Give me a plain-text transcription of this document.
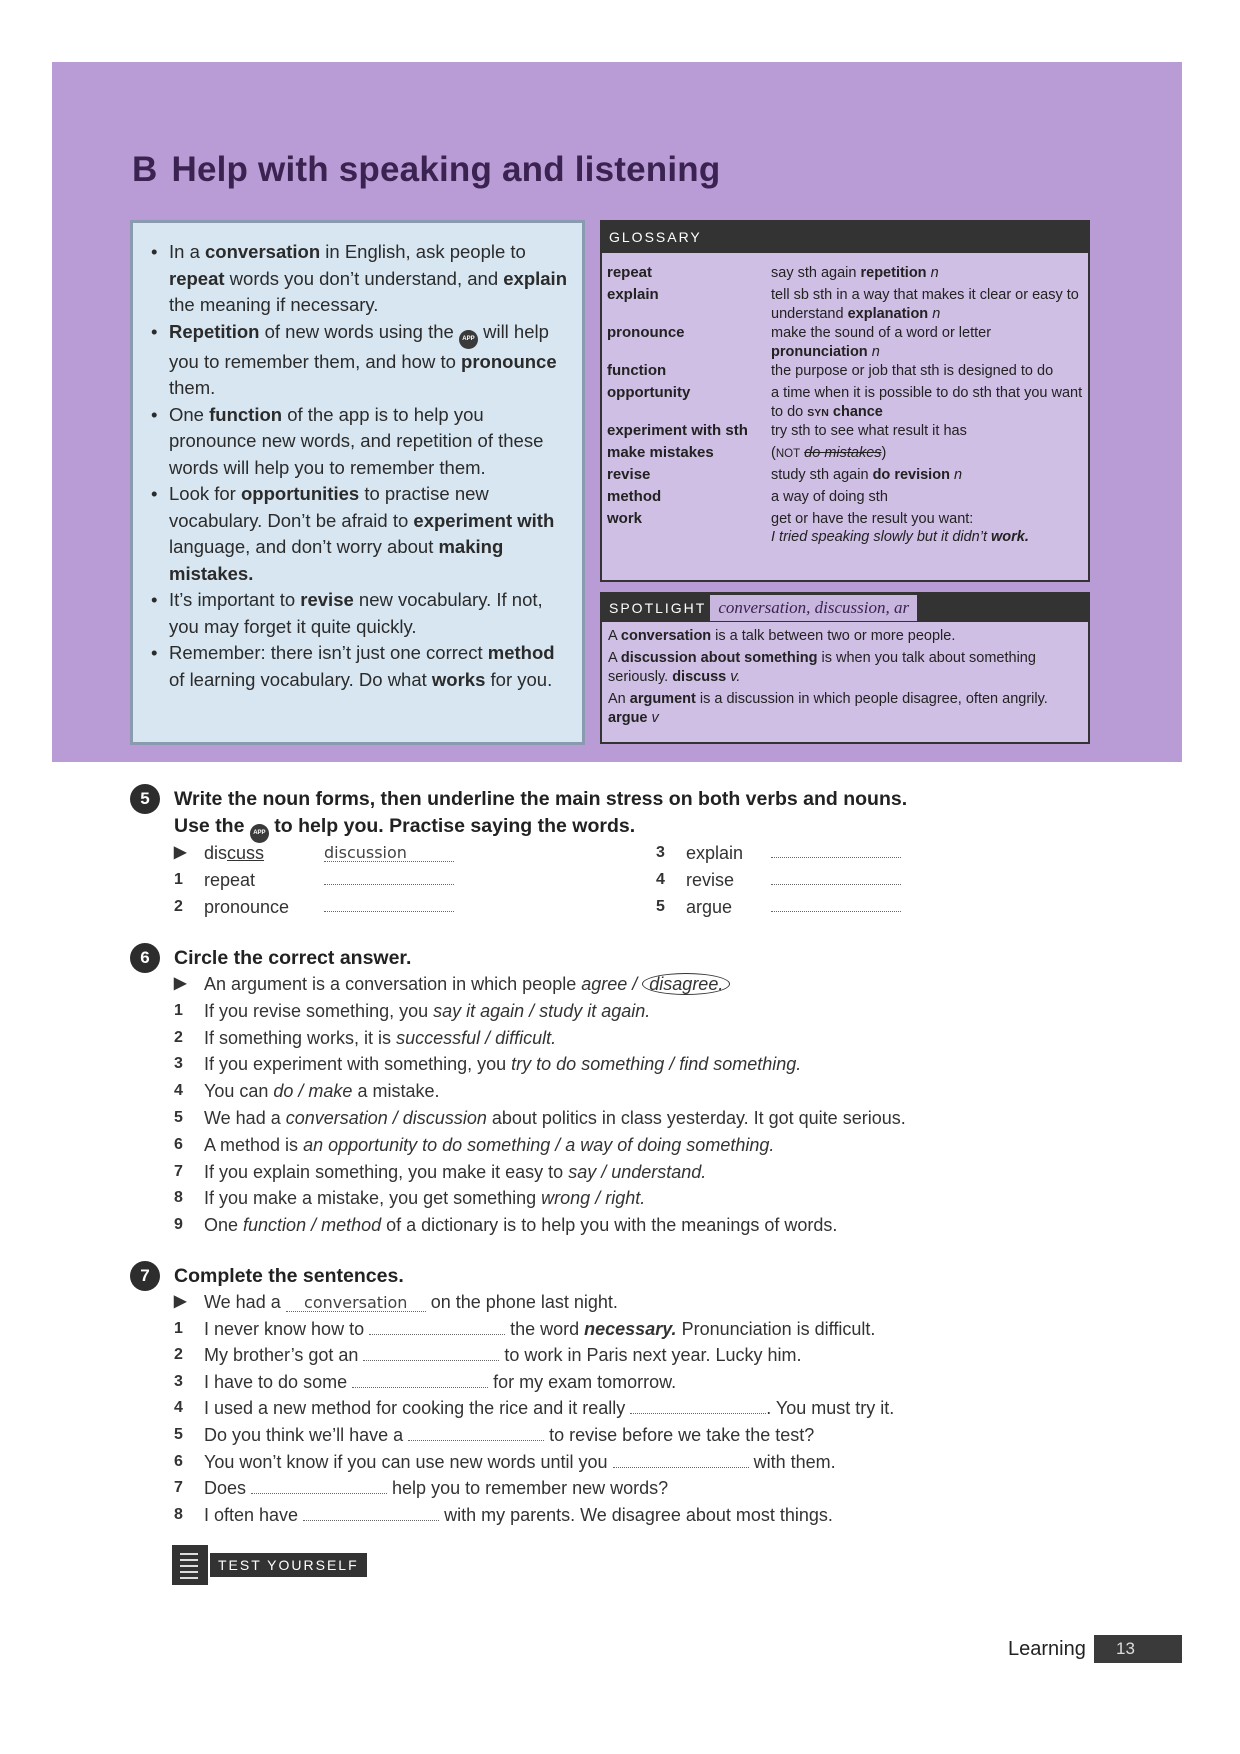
B Help with speaking and listening
• In a conversation in English, ask people to repeat words you don’t understand, and explain the meaning if necessary.
• Repetition of new words using the APP will help you to remember them, and how to pronounce them.
• One function of the app is to help you pronounce new words, and repetition of these words will help you to remember them.
• Look for opportunities to practise new vocabulary. Don’t be afraid to experiment with language, and don’t worry about making mistakes.
• It’s important to revise new vocabulary. If not, you may forget it quite quickly.
• Remember: there isn’t just one correct method of learning vocabulary. Do what works for you.
GLOSSARY
repeat	say sth again repetition n
explain	tell sb sth in a way that makes it clear or easy to understand explanation n
pronounce	make the sound of a word or letter pronunciation n
function	the purpose or job that sth is designed to do
opportunity	a time when it is possible to do sth that you want to do SYN chance
experiment with sth	try sth to see what result it has
make mistakes	(NOT do mistakes)
revise	study sth again do revision n
method	a way of doing sth
work	get or have the result you want:
I tried speaking slowly but it didn’t work.
SPOTLIGHT conversation, discussion, ar

A conversation is a talk between two or more people.

A discussion about something is when you talk about something seriously. discuss v.

An argument is a discussion in which people disagree, often angrily. argue v

5	Write the noun forms, then underline the main stress on both verbs and nouns.
Use the APP to help you. Practise saying the words.
▶ discuss	discussion
1 repeat
2 pronounce
3 explain
4 revise
5 argue
6	Circle the correct answer.
▶ An argument is a conversation in which people agree / disagree.
1 If you revise something, you say it again / study it again.
2 If something works, it is successful / difficult.
3 If you experiment with something, you try to do something / find something.
4 You can do / make a mistake.
5 We had a conversation / discussion about politics in class yesterday. It got quite serious.
6 A method is an opportunity to do something / a way of doing something.
7 If you explain something, you make it easy to say / understand.
8 If you make a mistake, you get something wrong / right.
9 One function / method of a dictionary is to help you with the meanings of words.
7	Complete the sentences.
▶ We had a conversation on the phone last night.
1 I never know how to	the word necessary. Pronunciation is difficult.
2 My brother’s got an	to work in Paris next year. Lucky him.
3 I have to do some	for my exam tomorrow.
4 I used a new method for cooking the rice and it really	. You must try it.
5 Do you think we’ll have a	to revise before we take the test?
6 You won’t know if you can use new words until you	with them.
7 Does	help you to remember new words?
8 I often have	with my parents. We disagree about most things.
TEST YOURSELF
Learning	13
